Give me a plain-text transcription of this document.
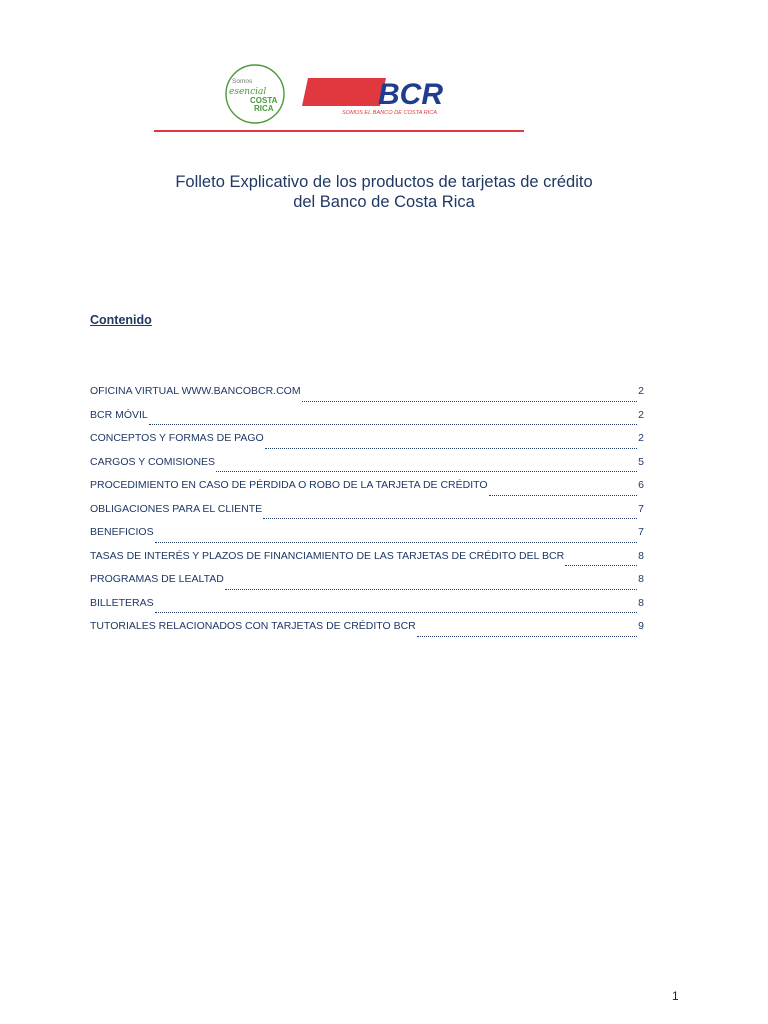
Somos
esencial
COSTA
RICA	BCR
SOMOS EL BANCO DE COSTA RICA
Folleto Explicativo de los productos de tarjetas de crédito
del Banco de Costa Rica
Contenido
OFICINA VIRTUAL WWW.BANCOBCR.COM	2
BCR MÓVIL	2
CONCEPTOS Y FORMAS DE PAGO	2
CARGOS Y COMISIONES	5
PROCEDIMIENTO EN CASO DE PÉRDIDA O ROBO DE LA TARJETA DE CRÉDITO	6
OBLIGACIONES PARA EL CLIENTE	7
BENEFICIOS	7
TASAS DE INTERÉS Y PLAZOS DE FINANCIAMIENTO DE LAS TARJETAS DE CRÉDITO DEL BCR	8
PROGRAMAS DE LEALTAD	8
BILLETERAS	8
TUTORIALES RELACIONADOS CON TARJETAS DE CRÉDITO BCR	9
1
